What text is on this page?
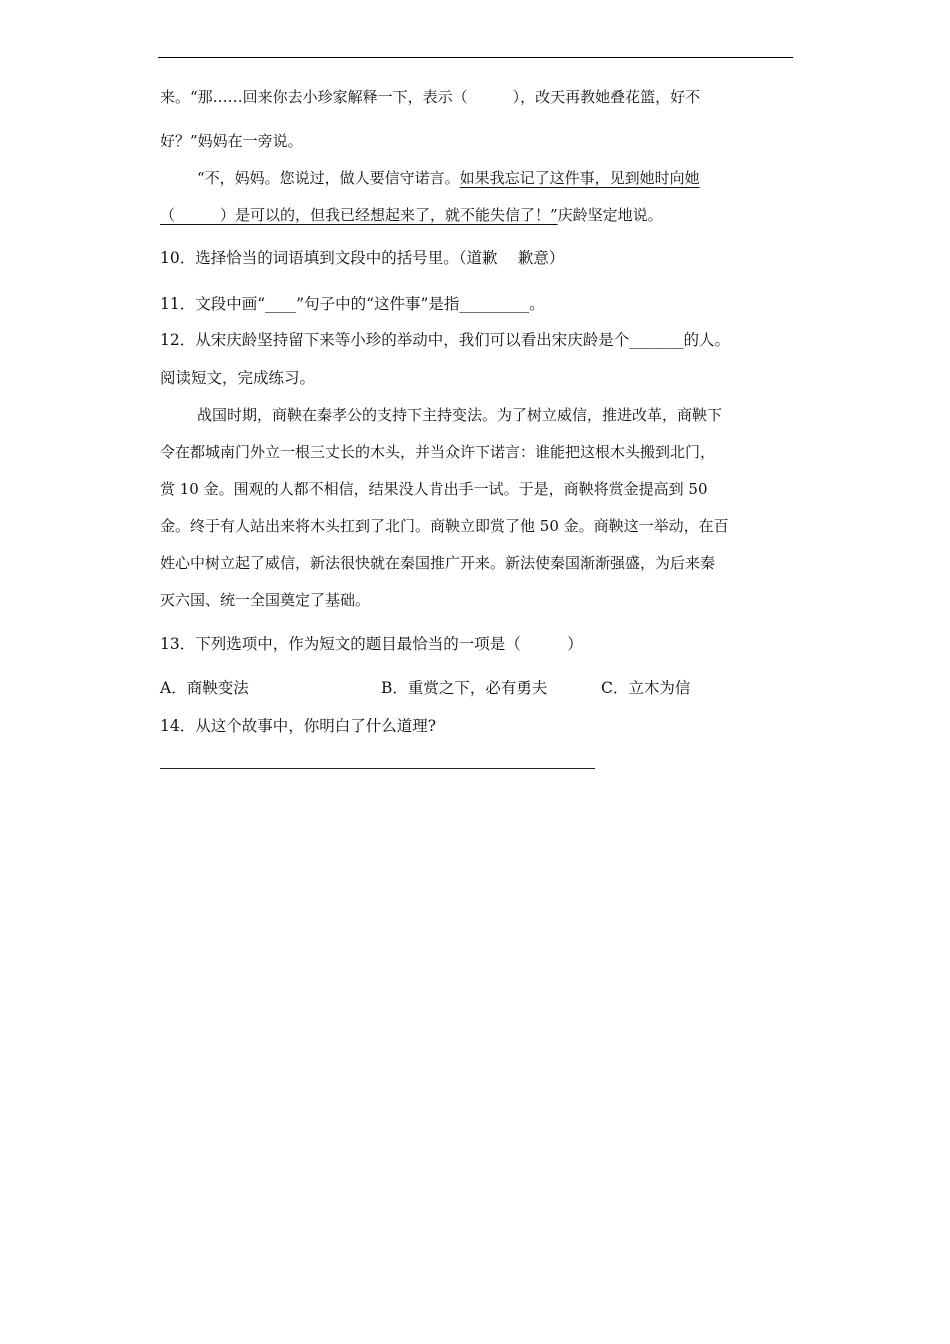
来。“那……回来你去小珍家解释一下，表示（　　　），改天再教她叠花篮，好不
好？”妈妈在一旁说。
“不，妈妈。您说过，做人要信守诺言。如果我忘记了这件事，见到她时向她
（　　　）是可以的，但我已经想起来了，就不能失信了！”庆龄坚定地说。
10．选择恰当的词语填到文段中的括号里。（道歉　 歉意）
11．文段中画“____”句子中的“这件事”是指_________。
12．从宋庆龄坚持留下来等小珍的举动中，我们可以看出宋庆龄是个_______的人。
阅读短文，完成练习。
战国时期，商鞅在秦孝公的支持下主持变法。为了树立威信，推进改革，商鞅下
令在都城南门外立一根三丈长的木头，并当众许下诺言：谁能把这根木头搬到北门，
赏 10 金。围观的人都不相信，结果没人肯出手一试。于是，商鞅将赏金提高到 50
金。终于有人站出来将木头扛到了北门。商鞅立即赏了他 50 金。商鞅这一举动，在百
姓心中树立起了威信，新法很快就在秦国推广开来。新法使秦国渐渐强盛，为后来秦
灭六国、统一全国奠定了基础。
13．下列选项中，作为短文的题目最恰当的一项是（　　　）
A．商鞅变法	B．重赏之下，必有勇夫	C．立木为信
14．从这个故事中，你明白了什么道理?
